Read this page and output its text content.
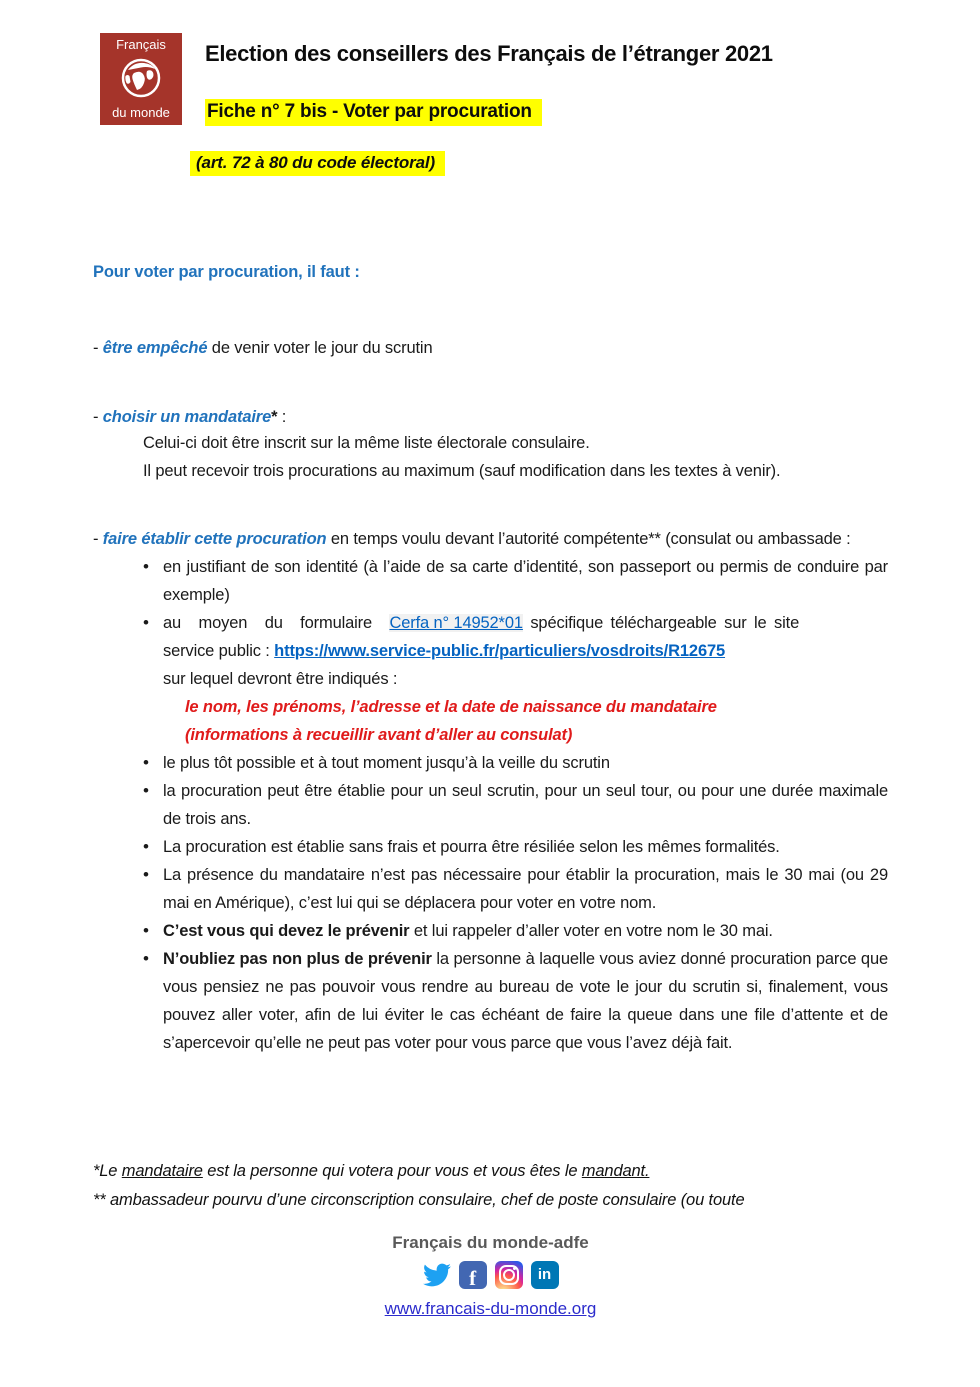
Français
du monde
Election des conseillers des Français de l’étranger 2021
Fiche n° 7 bis - Voter par procuration
(art. 72 à 80 du code électoral)
Pour voter par procuration, il faut :
- être empêché de venir voter le jour du scrutin
- choisir un mandataire* :
Celui-ci doit être inscrit sur la même liste électorale consulaire.
Il peut recevoir trois procurations au maximum (sauf modification dans les textes à venir).
- faire établir cette procuration en temps voulu devant l’autorité compétente** (consulat ou ambassade :
• en justifiant de son identité (à l’aide de sa carte d’identité, son passeport ou permis de conduire par exemple)
• au moyen du formulaire Cerfa n° 14952*01 spécifique téléchargeable sur le site
service public : https://www.service-public.fr/particuliers/vosdroits/R12675
sur lequel devront être indiqués :
le nom, les prénoms, l’adresse et la date de naissance du mandataire
(informations à recueillir avant d’aller au consulat)
• le plus tôt possible et à tout moment jusqu’à la veille du scrutin
• la procuration peut être établie pour un seul scrutin, pour un seul tour, ou pour une durée maximale de trois ans.
• La procuration est établie sans frais et pourra être résiliée selon les mêmes formalités.
• La présence du mandataire n’est pas nécessaire pour établir la procuration, mais le 30 mai (ou 29 mai en Amérique), c’est lui qui se déplacera pour voter en votre nom.
• C’est vous qui devez le prévenir et lui rappeler d’aller voter en votre nom le 30 mai.
• N’oubliez pas non plus de prévenir la personne à laquelle vous aviez donné procuration parce que vous pensiez ne pas pouvoir vous rendre au bureau de vote le jour du scrutin si, finalement, vous pouvez aller voter, afin de lui éviter le cas échéant de faire la queue dans une file d’attente et de s’apercevoir qu’elle ne peut pas voter pour vous parce que vous l’avez déjà fait.
*Le mandataire est la personne qui votera pour vous et vous êtes le mandant.
** ambassadeur pourvu d’une circonscription consulaire, chef de poste consulaire (ou toute
Français du monde-adfe
f	in
www.francais-du-monde.org
